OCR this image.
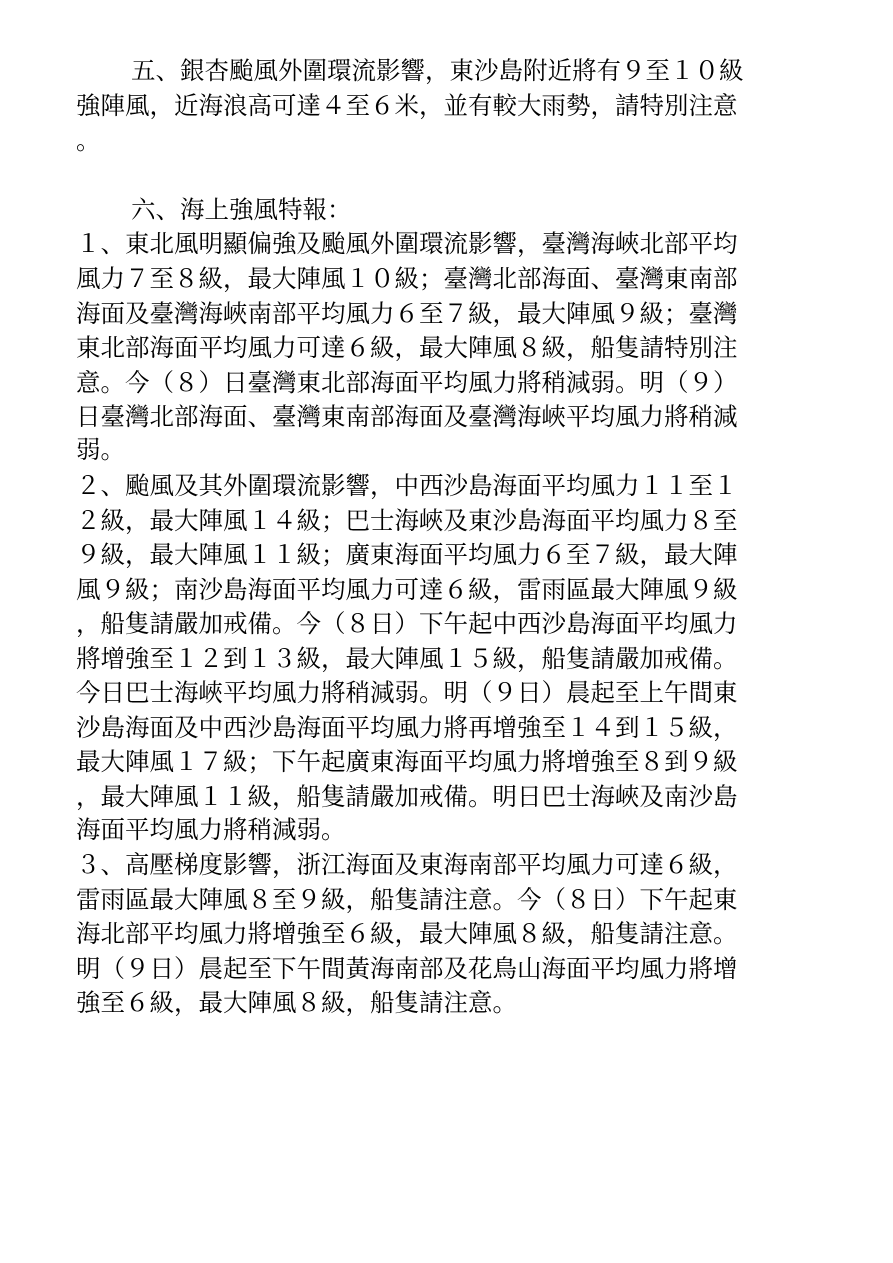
五、銀杏颱風外圍環流影響，東沙島附近將有９至１０級
強陣風，近海浪高可達４至６米，並有較大雨勢，請特別注意
。
六、海上強風特報：
１、東北風明顯偏強及颱風外圍環流影響，臺灣海峽北部平均
風力７至８級，最大陣風１０級；臺灣北部海面、臺灣東南部
海面及臺灣海峽南部平均風力６至７級，最大陣風９級；臺灣
東北部海面平均風力可達６級，最大陣風８級，船隻請特別注
意。今（８）日臺灣東北部海面平均風力將稍減弱。明（９）
日臺灣北部海面、臺灣東南部海面及臺灣海峽平均風力將稍減
弱。
２、颱風及其外圍環流影響，中西沙島海面平均風力１１至１
２級，最大陣風１４級；巴士海峽及東沙島海面平均風力８至
９級，最大陣風１１級；廣東海面平均風力６至７級，最大陣
風９級；南沙島海面平均風力可達６級，雷雨區最大陣風９級
，船隻請嚴加戒備。今（８日）下午起中西沙島海面平均風力
將增強至１２到１３級，最大陣風１５級，船隻請嚴加戒備。
今日巴士海峽平均風力將稍減弱。明（９日）晨起至上午間東
沙島海面及中西沙島海面平均風力將再增強至１４到１５級，
最大陣風１７級；下午起廣東海面平均風力將增強至８到９級
，最大陣風１１級，船隻請嚴加戒備。明日巴士海峽及南沙島
海面平均風力將稍減弱。
３、高壓梯度影響，浙江海面及東海南部平均風力可達６級，
雷雨區最大陣風８至９級，船隻請注意。今（８日）下午起東
海北部平均風力將增強至６級，最大陣風８級，船隻請注意。
明（９日）晨起至下午間黃海南部及花鳥山海面平均風力將增
強至６級，最大陣風８級，船隻請注意。
